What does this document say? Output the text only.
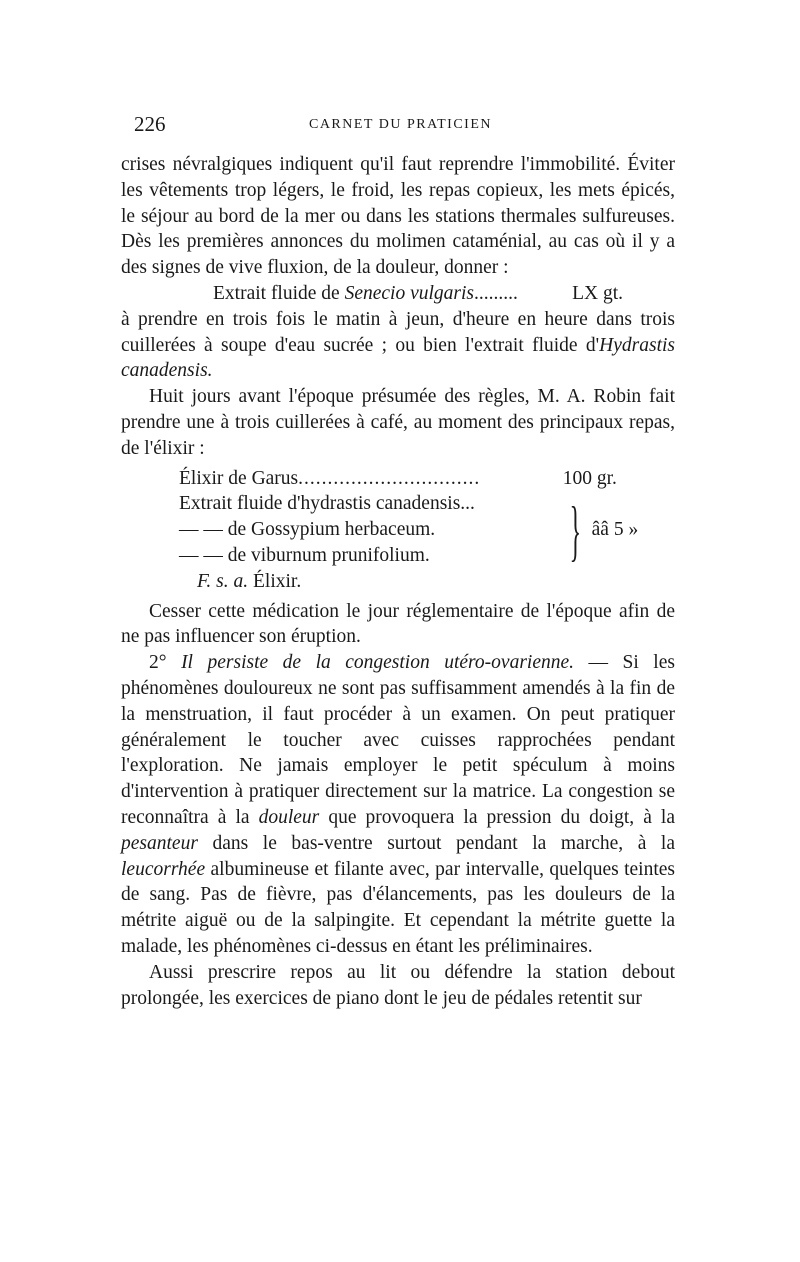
226	CARNET DU PRATICIEN

crises névralgiques indiquent qu'il faut reprendre l'immobilité. Éviter les vêtements trop légers, le froid, les repas copieux, les mets épicés, le séjour au bord de la mer ou dans les stations thermales sulfureuses. Dès les premières annonces du molimen cataménial, au cas où il y a des signes de vive fluxion, de la douleur, donner :

Extrait fluide de Senecio vulgaris.........	LX gt.

à prendre en trois fois le matin à jeun, d'heure en heure dans trois cuillerées à soupe d'eau sucrée ; ou bien l'extrait fluide d'Hydrastis canadensis.

Huit jours avant l'époque présumée des règles, M. A. Robin fait prendre une à trois cuillerées à café, au moment des principaux repas, de l'élixir :

Élixir de Garus ...............................	100 gr.
Extrait fluide d'hydrastis canadensis...
— — de Gossypium herbaceum.
— — de viburnum prunifolium.	} ââ 5 »
F. s. a. Élixir.

Cesser cette médication le jour réglementaire de l'époque afin de ne pas influencer son éruption.

2° Il persiste de la congestion utéro-ovarienne. — Si les phénomènes douloureux ne sont pas suffisamment amendés à la fin de la menstruation, il faut procéder à un examen. On peut pratiquer généralement le toucher avec cuisses rapprochées pendant l'exploration. Ne jamais employer le petit spéculum à moins d'intervention à pratiquer directement sur la matrice. La congestion se reconnaîtra à la douleur que provoquera la pression du doigt, à la pesanteur dans le bas-ventre surtout pendant la marche, à la leucorrhée albumineuse et filante avec, par intervalle, quelques teintes de sang. Pas de fièvre, pas d'élancements, pas les douleurs de la métrite aiguë ou de la salpingite. Et cependant la métrite guette la malade, les phénomènes ci-dessus en étant les préliminaires.

Aussi prescrire repos au lit ou défendre la station debout prolongée, les exercices de piano dont le jeu de pédales retentit sur
